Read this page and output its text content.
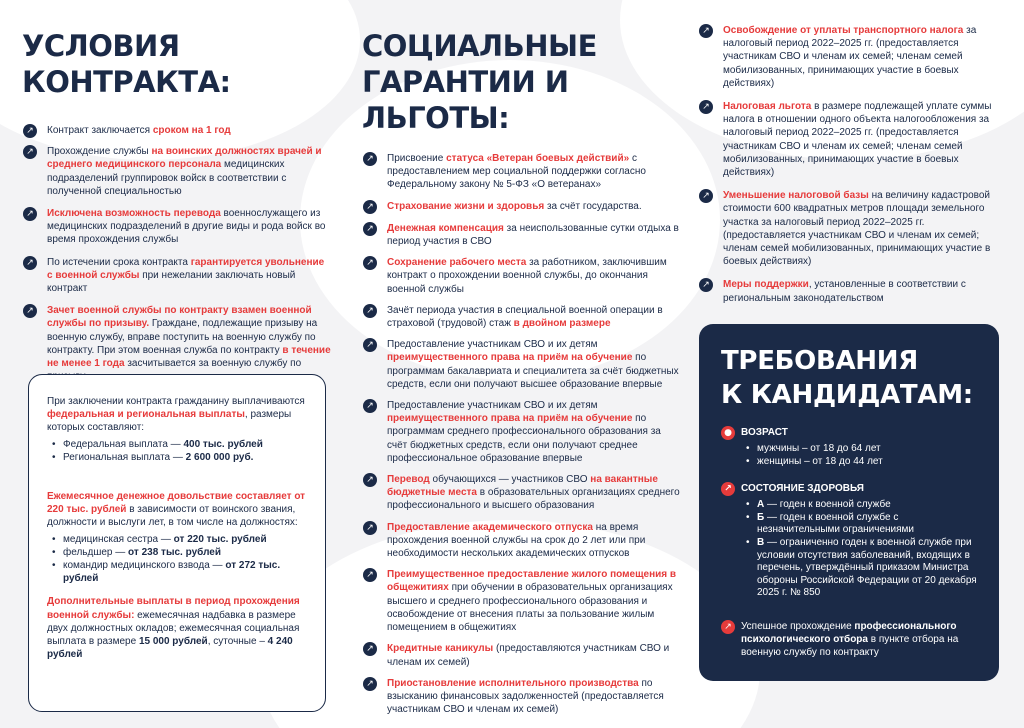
УСЛОВИЯ
КОНТРАКТА:
↗	Контракт заключается сроком на 1 год
↗	Прохождение службы на воинских должностях врачей и среднего медицинского персонала медицинских подразделений группировок войск в соответствии с полученной специальностью
↗	Исключена возможность перевода военнослужащего из медицинских подразделений в другие виды и рода войск во время прохождения службы
↗	По истечении срока контракта гарантируется увольнение с военной службы при нежелании заключать новый контракт
↗	Зачет военной службы по контракту взамен военной службы по призыву. Граждане, подлежащие призыву на военную службу, вправе поступить на военную службу по контракту. При этом военная служба по контракту в течение не менее 1 года засчитывается за военную службу по

При заключении контракта гражданину выплачиваются федеральная и региональная выплаты, размеры которых составляют:

• Федеральная выплата — 400 тыс. рублей
• Региональная выплата — 2 600 000 руб.

Ежемесячное денежное довольствие составляет от 220 тыс. рублей в зависимости от воинского звания, должности и выслуги лет, в том числе на должностях:

• медицинская сестра — от 220 тыс. рублей
• фельдшер — от 238 тыс. рублей
• командир медицинского взвода — от 272 тыс. рублей

Дополнительные выплаты в период прохождения военной службы: ежемесячная надбавка в размере двух должностных окладов; ежемесячная социальная выплата в размере 15 000 рублей, суточные – 4 240 рублей

СОЦИАЛЬНЫЕ
ГАРАНТИИ И ЛЬГОТЫ:
↗	Присвоение статуса «Ветеран боевых действий» с предоставлением мер социальной поддержки согласно Федеральному закону № 5-ФЗ «О ветеранах»
↗	Страхование жизни и здоровья за счёт государства.
↗	Денежная компенсация за неиспользованные сутки отдыха в период участия в СВО
↗	Сохранение рабочего места за работником, заключившим контракт о прохождении военной службы, до окончания военной службы
↗	Зачёт периода участия в специальной военной операции в страховой (трудовой) стаж в двойном размере
↗	Предоставление участникам СВО и их детям преимущественного права на приём на обучение по программам бакалавриата и специалитета за счёт бюджетных средств, если они получают высшее образование впервые
↗	Предоставление участникам СВО и их детям преимущественного права на приём на обучение по программам среднего профессионального образования за счёт бюджетных средств, если они получают среднее профессиональное образование впервые
↗	Перевод обучающихся — участников СВО на вакантные бюджетные места в образовательных организациях среднего профессионального и высшего образования
↗	Предоставление академического отпуска на время прохождения военной службы на срок до 2 лет или при необходимости нескольких академических отпусков
↗	Преимущественное предоставление жилого помещения в общежитиях при обучении в образовательных организациях высшего и среднего профессионального образования и освобождение от внесения платы за пользование жилым помещением в общежитиях
↗	Кредитные каникулы (предоставляются участникам СВО и членам их семей)
↗	Приостановление исполнительного производства по взысканию финансовых задолженностей (предоставляется участникам СВО и членам их семей)
↗	Освобождение от уплаты транспортного налога за налоговый период 2022–2025 гг. (предоставляется участникам СВО и членам их семей; членам семей мобилизованных, принимающих участие в боевых действиях)
↗	Налоговая льгота в размере подлежащей уплате суммы налога в отношении одного объекта налогообложения за налоговый период 2022–2025 гг. (предоставляется участникам СВО и членам их семей; членам семей мобилизованных, принимающих участие в боевых действиях)
↗	Уменьшение налоговой базы на величину кадастровой стоимости 600 квадратных метров площади земельного участка за налоговый период 2022–2025 гг. (предоставляется участникам СВО и членам их семей; членам семей мобилизованных, принимающих участие в боевых действиях)
↗	Меры поддержки, установленные в соответствии с региональным законодательством
ТРЕБОВАНИЯ
К КАНДИДАТАМ:
● ВОЗРАСТ
• мужчины – от 18 до 64 лет
• женщины – от 18 до 44 лет
↗ СОСТОЯНИЕ ЗДОРОВЬЯ
• А — годен к военной службе
• Б — годен к военной службе с незначительными ограничениями
• В — ограниченно годен к военной службе при условии отсутствия заболеваний, входящих в перечень, утверждённый приказом Министра обороны Российской Федерации от 20 декабря 2025 г. № 850
↗ Успешное прохождение профессионального психологического отбора в пункте отбора на военную службу по контракту
